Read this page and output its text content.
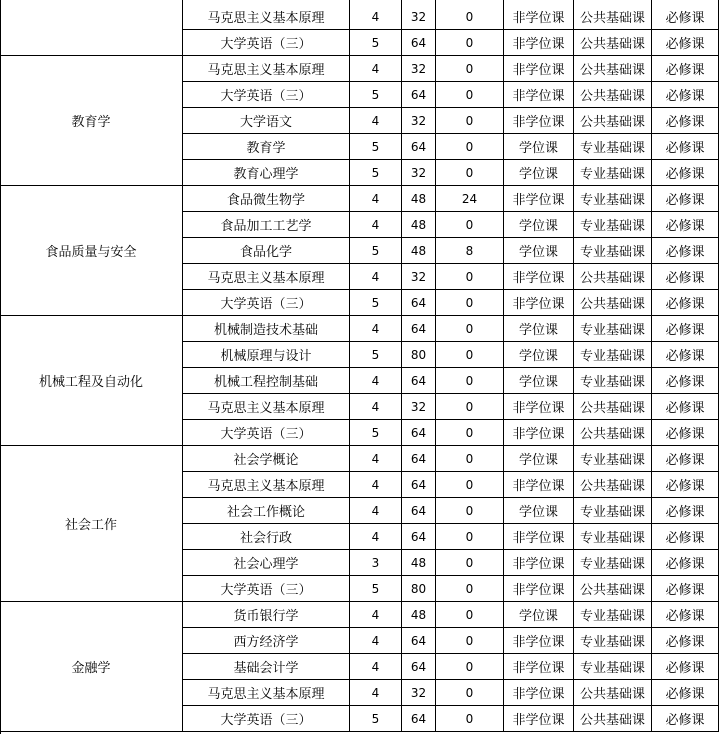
马克思主义基本原理	4	32	0	非学位课	公共基础课	必修课
大学英语（三）	5	64	0	非学位课	公共基础课	必修课
教育学
马克思主义基本原理	4	32	0	非学位课	公共基础课	必修课
大学英语（三）	5	64	0	非学位课	公共基础课	必修课
大学语文	4	32	0	非学位课	公共基础课	必修课
教育学	5	64	0	学位课	专业基础课	必修课
教育心理学	5	32	0	学位课	专业基础课	必修课
食品质量与安全
食品微生物学	4	48	24	非学位课	专业基础课	必修课
食品加工工艺学	4	48	0	学位课	专业基础课	必修课
食品化学	5	48	8	学位课	专业基础课	必修课
马克思主义基本原理	4	32	0	非学位课	公共基础课	必修课
大学英语（三）	5	64	0	非学位课	公共基础课	必修课
机械工程及自动化
机械制造技术基础	4	64	0	学位课	专业基础课	必修课
机械原理与设计	5	80	0	学位课	专业基础课	必修课
机械工程控制基础	4	64	0	学位课	专业基础课	必修课
马克思主义基本原理	4	32	0	非学位课	公共基础课	必修课
大学英语（三）	5	64	0	非学位课	公共基础课	必修课
社会工作
社会学概论	4	64	0	学位课	专业基础课	必修课
马克思主义基本原理	4	64	0	非学位课	公共基础课	必修课
社会工作概论	4	64	0	学位课	专业基础课	必修课
社会行政	4	64	0	非学位课	专业基础课	必修课
社会心理学	3	48	0	非学位课	专业基础课	必修课
大学英语（三）	5	80	0	非学位课	公共基础课	必修课
金融学
货币银行学	4	48	0	学位课	专业基础课	必修课
西方经济学	4	64	0	非学位课	专业基础课	必修课
基础会计学	4	64	0	非学位课	专业基础课	必修课
马克思主义基本原理	4	32	0	非学位课	公共基础课	必修课
大学英语（三）	5	64	0	非学位课	公共基础课	必修课
